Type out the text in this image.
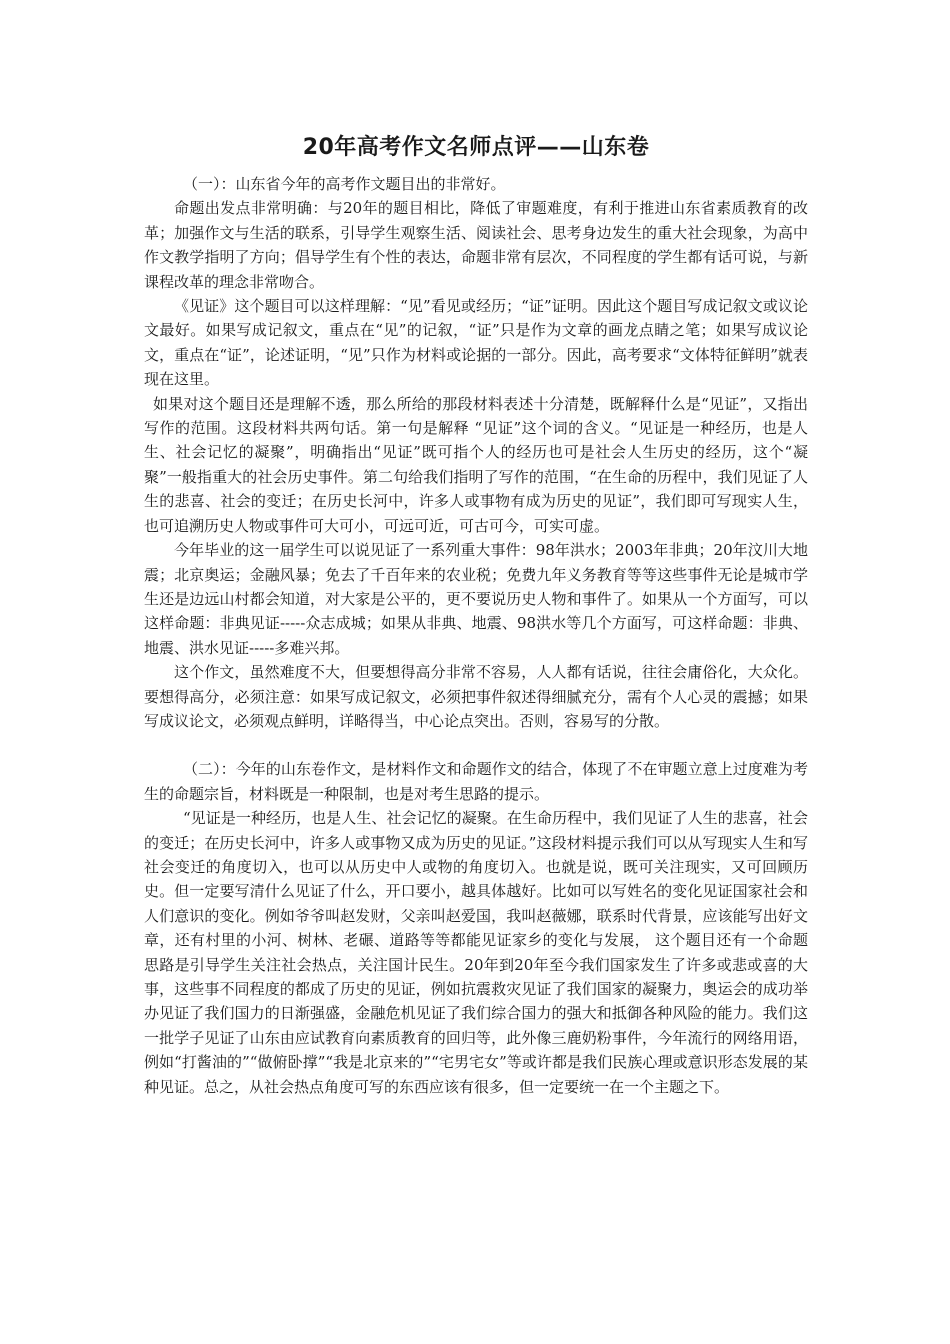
20年高考作文名师点评——山东卷

（一）：山东省今年的高考作文题目出的非常好。

命题出发点非常明确：与20年的题目相比，降低了审题难度，有利于推进山东省素质教育的改革；加强作文与生活的联系，引导学生观察生活、阅读社会、思考身边发生的重大社会现象，为高中作文教学指明了方向；倡导学生有个性的表达，命题非常有层次，不同程度的学生都有话可说，与新课程改革的理念非常吻合。

《见证》这个题目可以这样理解：“见”看见或经历；“证”证明。因此这个题目写成记叙文或议论文最好。如果写成记叙文，重点在“见”的记叙，“证”只是作为文章的画龙点睛之笔；如果写成议论文，重点在“证”，论述证明，“见”只作为材料或论据的一部分。因此，高考要求“文体特征鲜明”就表现在这里。

如果对这个题目还是理解不透，那么所给的那段材料表述十分清楚，既解释什么是“见证”，又指出写作的范围。这段材料共两句话。第一句是解释 “见证”这个词的含义。“见证是一种经历，也是人生、社会记忆的凝聚”，明确指出“见证”既可指个人的经历也可是社会人生历史的经历，这个“凝聚”一般指重大的社会历史事件。第二句给我们指明了写作的范围，“在生命的历程中，我们见证了人生的悲喜、社会的变迁；在历史长河中，许多人或事物有成为历史的见证”，我们即可写现实人生，也可追溯历史人物或事件可大可小，可远可近，可古可今，可实可虚。

今年毕业的这一届学生可以说见证了一系列重大事件：98年洪水；2003年非典；20年汶川大地震；北京奥运；金融风暴；免去了千百年来的农业税；免费九年义务教育等等这些事件无论是城市学生还是边远山村都会知道，对大家是公平的，更不要说历史人物和事件了。如果从一个方面写，可以这样命题：非典见证-----众志成城；如果从非典、地震、98洪水等几个方面写，可这样命题：非典、地震、洪水见证-----多难兴邦。

这个作文，虽然难度不大，但要想得高分非常不容易，人人都有话说，往往会庸俗化，大众化。要想得高分，必须注意：如果写成记叙文，必须把事件叙述得细腻充分，需有个人心灵的震撼；如果写成议论文，必须观点鲜明，详略得当，中心论点突出。否则，容易写的分散。

（二）：今年的山东卷作文，是材料作文和命题作文的结合，体现了不在审题立意上过度难为考生的命题宗旨，材料既是一种限制，也是对考生思路的提示。

“见证是一种经历，也是人生、社会记忆的凝聚。在生命历程中，我们见证了人生的悲喜，社会的变迁；在历史长河中，许多人或事物又成为历史的见证。”这段材料提示我们可以从写现实人生和写社会变迁的角度切入，也可以从历史中人或物的角度切入。也就是说，既可关注现实，又可回顾历史。但一定要写清什么见证了什么，开口要小，越具体越好。比如可以写姓名的变化见证国家社会和人们意识的变化。例如爷爷叫赵发财，父亲叫赵爱国，我叫赵薇娜，联系时代背景，应该能写出好文章，还有村里的小河、树林、老碾、道路等等都能见证家乡的变化与发展， 这个题目还有一个命题思路是引导学生关注社会热点，关注国计民生。20年到20年至今我们国家发生了许多或悲或喜的大事，这些事不同程度的都成了历史的见证，例如抗震救灾见证了我们国家的凝聚力，奥运会的成功举办见证了我们国力的日渐强盛，金融危机见证了我们综合国力的强大和抵御各种风险的能力。我们这一批学子见证了山东由应试教育向素质教育的回归等，此外像三鹿奶粉事件，今年流行的网络用语，例如“打酱油的”“做俯卧撑”“我是北京来的”“宅男宅女”等或许都是我们民族心理或意识形态发展的某种见证。总之，从社会热点角度可写的东西应该有很多，但一定要统一在一个主题之下。
